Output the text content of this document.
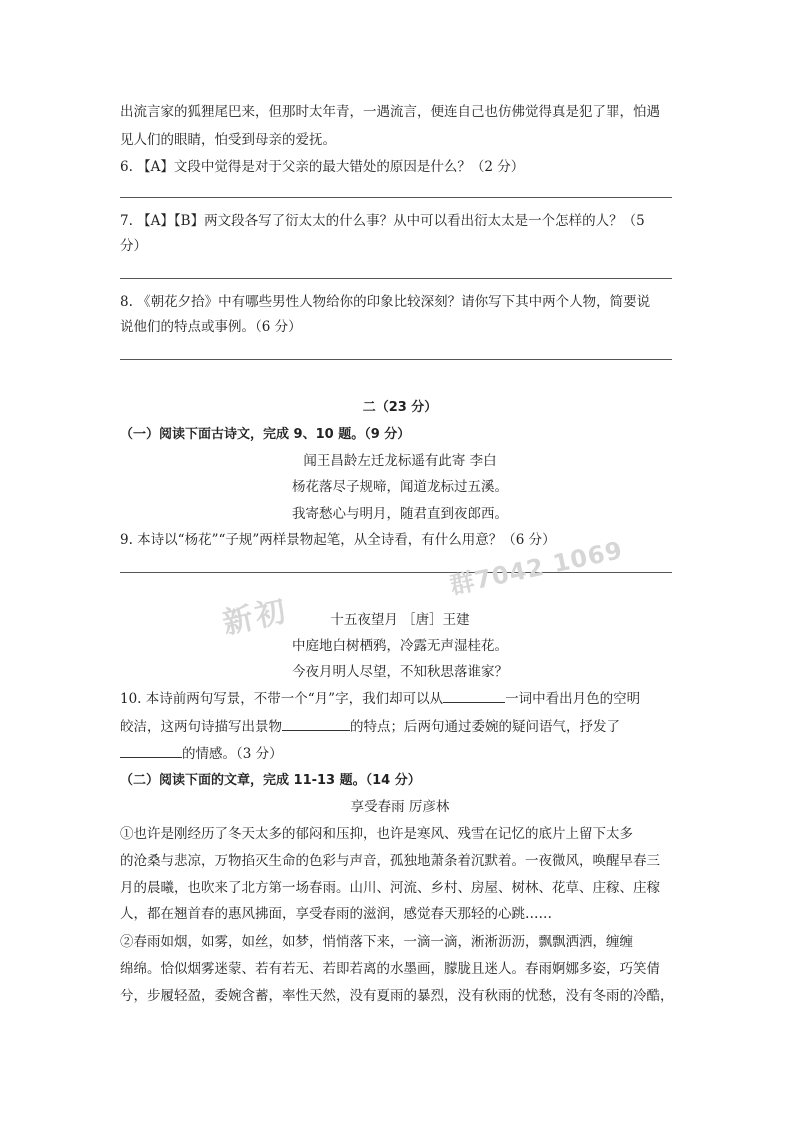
出流言家的狐狸尾巴来，但那时太年青，一遇流言，便连自己也仿佛觉得真是犯了罪，怕遇
见人们的眼睛，怕受到母亲的爱抚。
6. 【A】文段中觉得是对于父亲的最大错处的原因是什么？（2 分）
7. 【A】【B】两文段各写了衍太太的什么事？从中可以看出衍太太是一个怎样的人？（5
分）
8. 《朝花夕拾》中有哪些男性人物给你的印象比较深刻？请你写下其中两个人物，简要说
说他们的特点或事例。（6 分）
二（23 分）
（一）阅读下面古诗文，完成 9、10 题。（9 分）
闻王昌龄左迁龙标遥有此寄 李白
杨花落尽子规啼，闻道龙标过五溪。
我寄愁心与明月，随君直到夜郎西。
9. 本诗以“杨花”“子规”两样景物起笔，从全诗看，有什么用意？（6 分）
十五夜望月 ［唐］王建
中庭地白树栖鸦，冷露无声湿桂花。
今夜月明人尽望，不知秋思落谁家？
10. 本诗前两句写景，不带一个“月”字，我们却可以从	一词中看出月色的空明
皎洁，这两句诗描写出景物	的特点；后两句通过委婉的疑问语气，抒发了
的情感。（3 分）
（二）阅读下面的文章，完成 11-13 题。（14 分）
享受春雨 厉彦林
①也许是刚经历了冬天太多的郁闷和压抑，也许是寒风、残雪在记忆的底片上留下太多
的沧桑与悲凉，万物掐灭生命的色彩与声音，孤独地萧条着沉默着。一夜微风，唤醒早春三
月的晨曦，也吹来了北方第一场春雨。山川、河流、乡村、房屋、树林、花草、庄稼、庄稼
人，都在翘首春的惠风拂面，享受春雨的滋润，感觉春天那轻的心跳……
②春雨如烟，如雾，如丝，如梦，悄悄落下来，一滴一滴，淅淅沥沥，飘飘洒洒，缠缠
绵绵。恰似烟雾迷蒙、若有若无、若即若离的水墨画，朦胧且迷人。春雨婀娜多姿，巧笑倩
兮，步履轻盈，委婉含蓄，率性天然，没有夏雨的暴烈，没有秋雨的忧愁，没有冬雨的冷酷，
新初
群7042 1069
